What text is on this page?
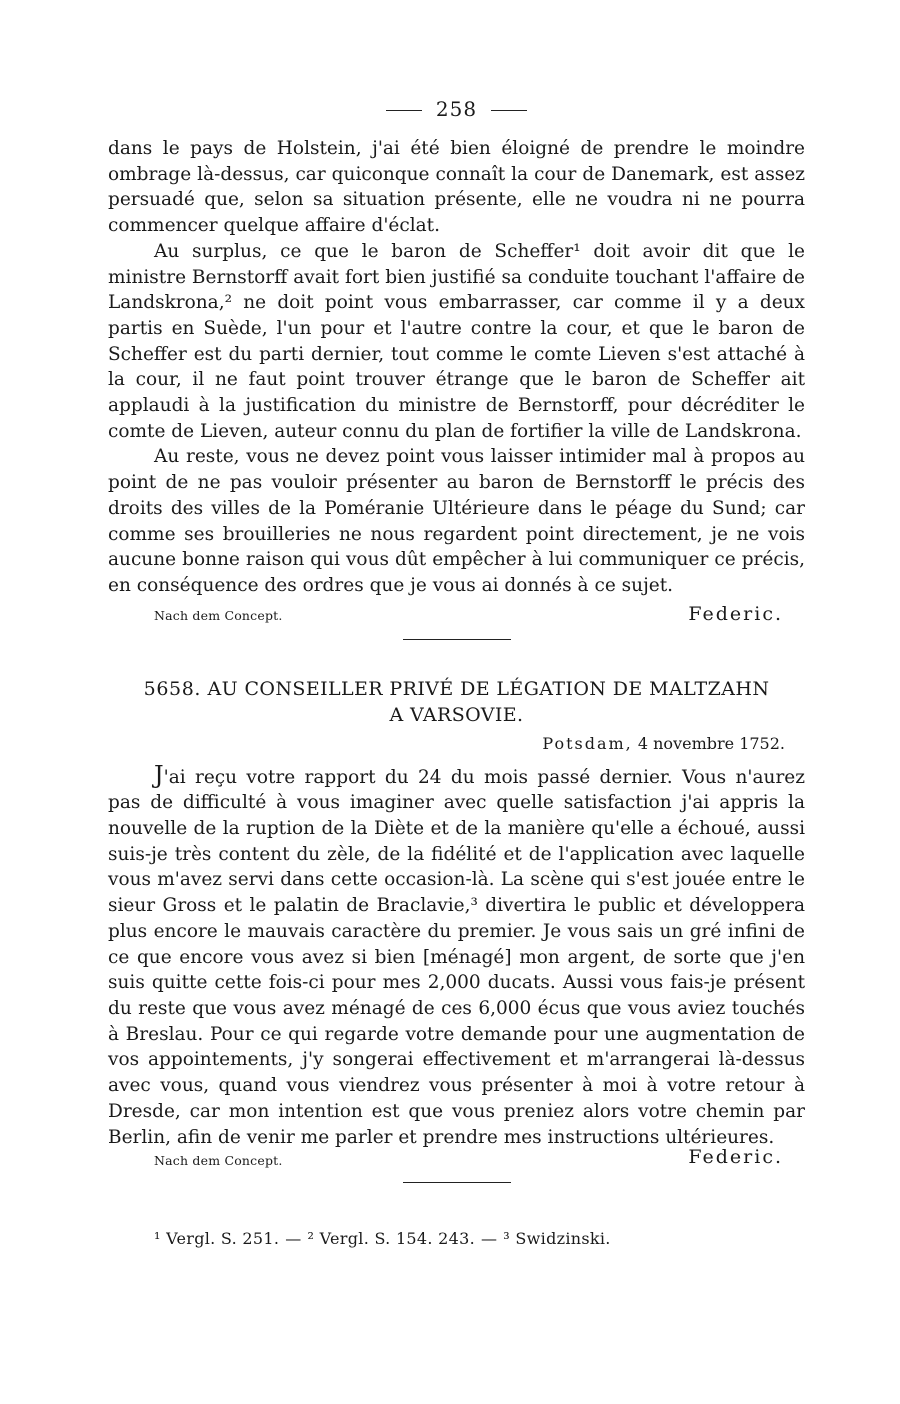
258

dans le pays de Holstein, j'ai été bien éloigné de prendre le moindre ombrage là-dessus, car quiconque connaît la cour de Danemark, est assez persuadé que, selon sa situation présente, elle ne voudra ni ne pourra commencer quelque affaire d'éclat.

Au surplus, ce que le baron de Scheffer¹ doit avoir dit que le ministre Bernstorff avait fort bien justifié sa conduite touchant l'affaire de Landskrona,² ne doit point vous embarrasser, car comme il y a deux partis en Suède, l'un pour et l'autre contre la cour, et que le baron de Scheffer est du parti dernier, tout comme le comte Lieven s'est attaché à la cour, il ne faut point trouver étrange que le baron de Scheffer ait applaudi à la justification du ministre de Bernstorff, pour décréditer le comte de Lieven, auteur connu du plan de fortifier la ville de Landskrona.

Au reste, vous ne devez point vous laisser intimider mal à propos au point de ne pas vouloir présenter au baron de Bernstorff le précis des droits des villes de la Poméranie Ultérieure dans le péage du Sund; car comme ses brouilleries ne nous regardent point directement, je ne vois aucune bonne raison qui vous dût empêcher à lui communiquer ce précis, en conséquence des ordres que je vous ai donnés à ce sujet.

Nach dem Concept.	Federic.
5658. AU CONSEILLER PRIVÉ DE LÉGATION DE MALTZAHN
A VARSOVIE.
Potsdam, 4 novembre 1752.

J'ai reçu votre rapport du 24 du mois passé dernier. Vous n'aurez pas de difficulté à vous imaginer avec quelle satisfaction j'ai appris la nouvelle de la ruption de la Diète et de la manière qu'elle a échoué, aussi suis-je très content du zèle, de la fidélité et de l'application avec laquelle vous m'avez servi dans cette occasion-là. La scène qui s'est jouée entre le sieur Gross et le palatin de Braclavie,³ divertira le public et développera plus encore le mauvais caractère du premier. Je vous sais un gré infini de ce que encore vous avez si bien [ménagé] mon argent, de sorte que j'en suis quitte cette fois-ci pour mes 2,000 ducats. Aussi vous fais-je présent du reste que vous avez ménagé de ces 6,000 écus que vous aviez touchés à Breslau. Pour ce qui regarde votre demande pour une augmentation de vos appointements, j'y songerai effectivement et m'arrangerai là-dessus avec vous, quand vous viendrez vous présenter à moi à votre retour à Dresde, car mon intention est que vous preniez alors votre chemin par Berlin, afin de venir me parler et prendre mes instructions ultérieures.

Nach dem Concept.	Federic.
¹ Vergl. S. 251. — ² Vergl. S. 154. 243. — ³ Swidzinski.
